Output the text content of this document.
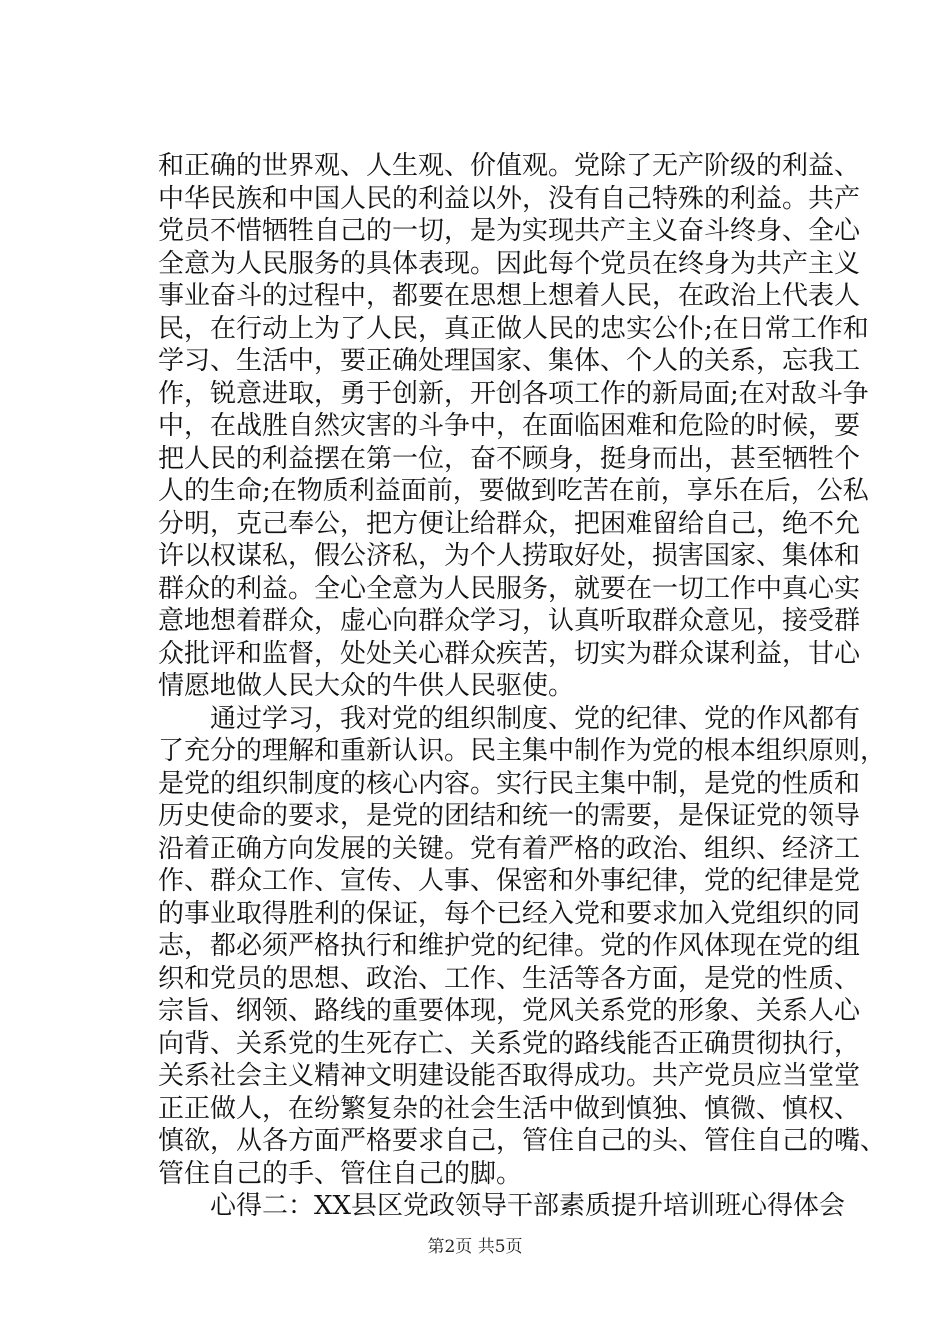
和正确的世界观、人生观、价值观。党除了无产阶级的利益、
中华民族和中国人民的利益以外，没有自己特殊的利益。共产
党员不惜牺牲自己的一切，是为实现共产主义奋斗终身、全心
全意为人民服务的具体表现。因此每个党员在终身为共产主义
事业奋斗的过程中，都要在思想上想着人民，在政治上代表人
民，在行动上为了人民，真正做人民的忠实公仆;在日常工作和
学习、生活中，要正确处理国家、集体、个人的关系，忘我工
作，锐意进取，勇于创新，开创各项工作的新局面;在对敌斗争
中，在战胜自然灾害的斗争中，在面临困难和危险的时候，要
把人民的利益摆在第一位，奋不顾身，挺身而出，甚至牺牲个
人的生命;在物质利益面前，要做到吃苦在前，享乐在后，公私
分明，克己奉公，把方便让给群众，把困难留给自己，绝不允
许以权谋私，假公济私，为个人捞取好处，损害国家、集体和
群众的利益。全心全意为人民服务，就要在一切工作中真心实
意地想着群众，虚心向群众学习，认真听取群众意见，接受群
众批评和监督，处处关心群众疾苦，切实为群众谋利益，甘心
情愿地做人民大众的牛供人民驱使。
　　通过学习，我对党的组织制度、党的纪律、党的作风都有
了充分的理解和重新认识。民主集中制作为党的根本组织原则，
是党的组织制度的核心内容。实行民主集中制，是党的性质和
历史使命的要求，是党的团结和统一的需要，是保证党的领导
沿着正确方向发展的关键。党有着严格的政治、组织、经济工
作、群众工作、宣传、人事、保密和外事纪律，党的纪律是党
的事业取得胜利的保证，每个已经入党和要求加入党组织的同
志，都必须严格执行和维护党的纪律。党的作风体现在党的组
织和党员的思想、政治、工作、生活等各方面，是党的性质、
宗旨、纲领、路线的重要体现，党风关系党的形象、关系人心
向背、关系党的生死存亡、关系党的路线能否正确贯彻执行，
关系社会主义精神文明建设能否取得成功。共产党员应当堂堂
正正做人，在纷繁复杂的社会生活中做到慎独、慎微、慎权、
慎欲，从各方面严格要求自己，管住自己的头、管住自己的嘴、
管住自己的手、管住自己的脚。
　　心得二：XX县区党政领导干部素质提升培训班心得体会
第2页 共5页
